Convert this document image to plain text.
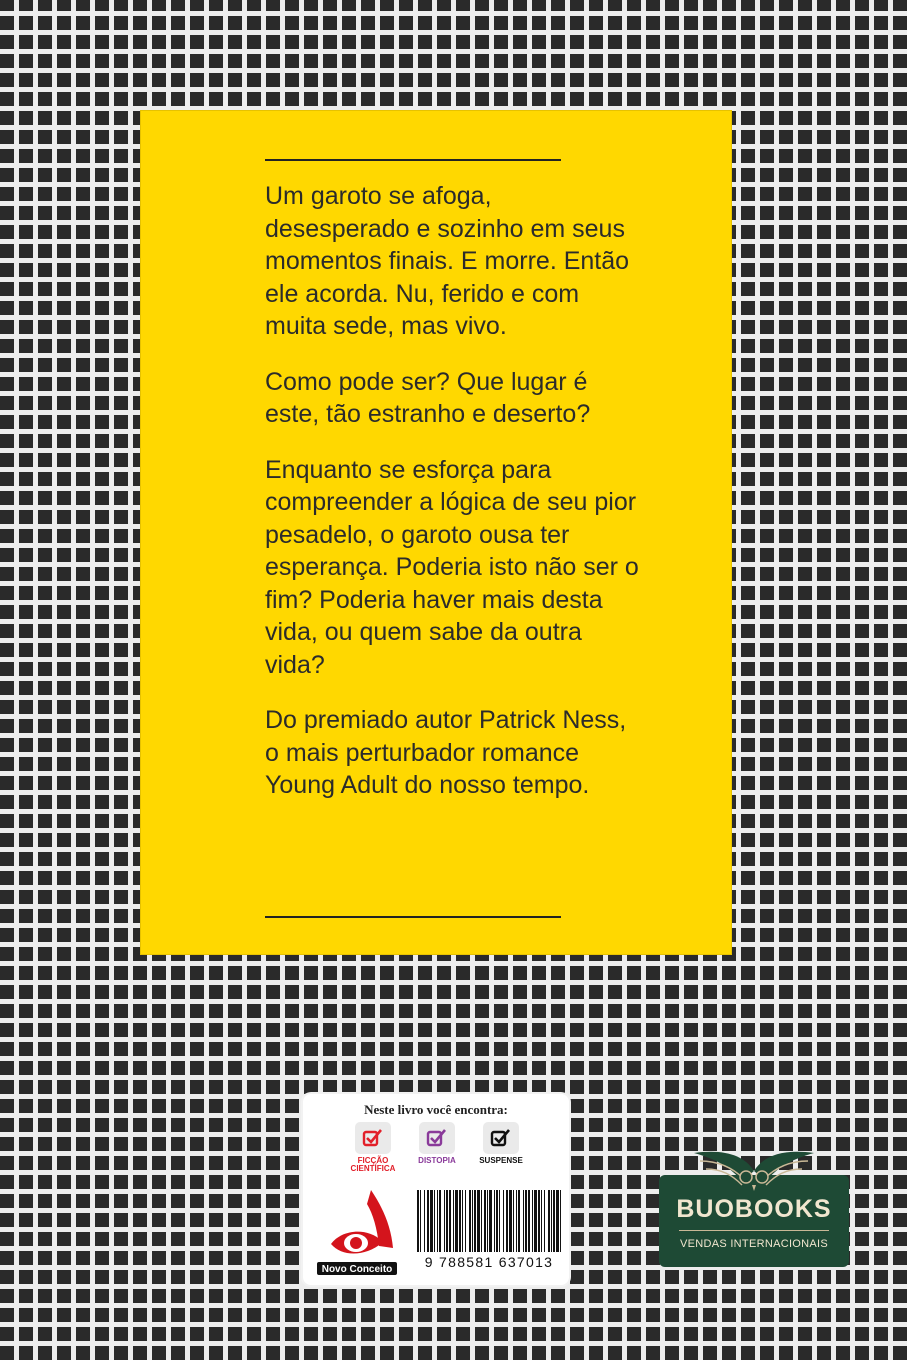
Um garoto se afoga, desesperado e sozinho em seus momentos finais. E morre. Então ele acorda. Nu, ferido e com muita sede, mas vivo.

Como pode ser? Que lugar é este, tão estranho e deserto?

Enquanto se esforça para compreender a lógica de seu pior pesadelo, o garoto ousa ter esperança. Poderia isto não ser o fim? Poderia haver mais desta vida, ou quem sabe da outra vida?

Do premiado autor Patrick Ness, o mais perturbador romance Young Adult do nosso tempo.

Neste livro você encontra:
FICÇÃO CIENTÍFICA
DISTOPIA	SUSPENSE
Novo Conceito	9 788581 637013
BUOBOOKS
VENDAS INTERNACIONAIS
